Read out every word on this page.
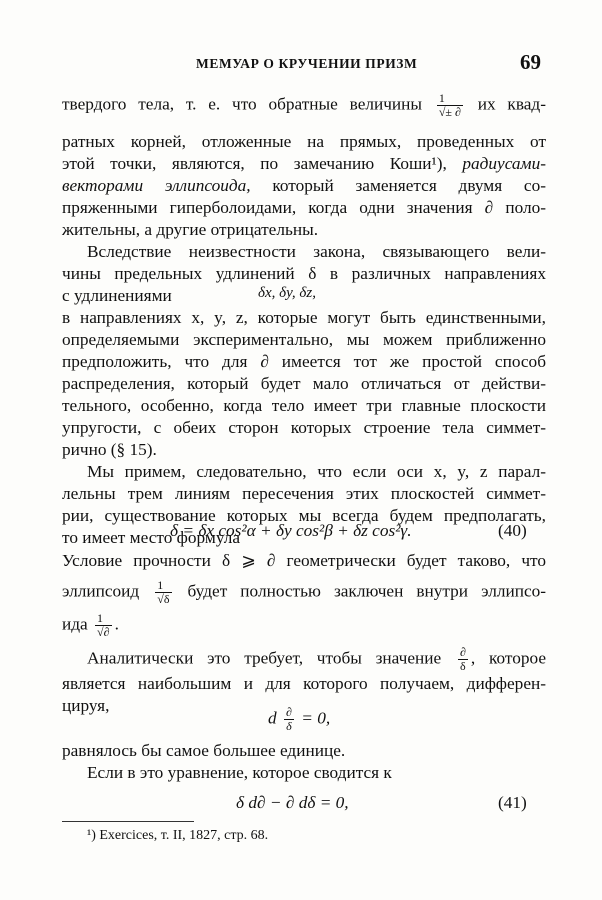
МЕМУАР О КРУЧЕНИИ ПРИЗМ	69
твердого тела, т. е. что обратные величины $\frac{1}{√\pm \partial}$ их квад-
ратных корней, отложенные на прямых, проведенных от
этой точки, являются, по замечанию Коши¹), радиусами-
векторами эллипсоида, который заменяется двумя со-
пряженными гиперболоидами, когда одни значения ∂ поло-
жительны, а другие отрицательны.
Вследствие неизвестности закона, связывающего вели-
чины предельных удлинений δ в различных направлениях
с удлинениями	δx, δy, δz,
в направлениях x, y, z, которые могут быть единственными,
определяемыми экспериментально, мы можем приближенно
предположить, что для ∂ имеется тот же простой способ
распределения, который будет мало отличаться от действи-
тельного, особенно, когда тело имеет три главные плоскости
упругости, с обеих сторон которых строение тела симмет-
рично (§ 15).
Мы примем, следовательно, что если оси x, y, z парал-
лельны трем линиям пересечения этих плоскостей симмет-
рии, существование которых мы всегда будем предполагать,
то имеет место формула
δ = δx cos²α + δy cos²β + δz cos²γ.	(40)
Условие прочности δ ⩾ ∂ геометрически будет таково, что
эллипсоид $\frac{1}{√\delta}$ будет полностью заключен внутри эллипсо-
ида $\frac{1}{√\partial}$ .
Аналитически это требует, чтобы значение $\frac{\partial}{\delta}$ , которое
является наибольшим и для которого получаем, дифферен-
цируя,
d $\frac{\partial}{\delta} = 0$,
равнялось бы самое большее единице.
Если в это уравнение, которое сводится к
δ d∂ − ∂ dδ = 0,	(41)
¹) Exercices, т. II, 1827, стр. 68.
